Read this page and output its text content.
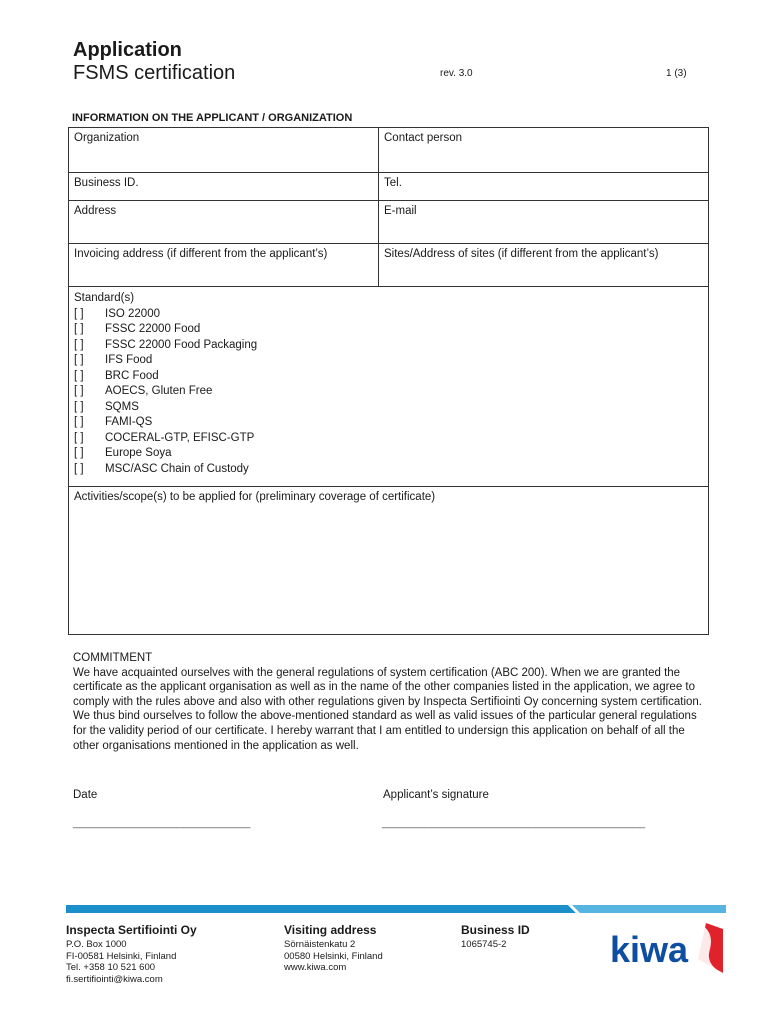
Application
FSMS certification	rev. 3.0	1 (3)
INFORMATION ON THE APPLICANT / ORGANIZATION
Organization	Contact person
Business ID.	Tel.
Address	E-mail
Invoicing address (if different from the applicant’s)	Sites/Address of sites (if different from the applicant’s)
Standard(s)
[ ] ISO 22000
[ ] FSSC 22000 Food
[ ] FSSC 22000 Food Packaging
[ ] IFS Food
[ ] BRC Food
[ ] AOECS, Gluten Free
[ ] SQMS
[ ] FAMI-QS
[ ] COCERAL-GTP, EFISC-GTP
[ ] Europe Soya
[ ] MSC/ASC Chain of Custody
Activities/scope(s) to be applied for (preliminary coverage of certificate)
COMMITMENT
We have acquainted ourselves with the general regulations of system certification (ABC 200). When we are granted the certificate as the applicant organisation as well as in the name of the other companies listed in the application, we agree to comply with the rules above and also with other regulations given by Inspecta Sertifiointi Oy concerning system certification.
We thus bind ourselves to follow the above-mentioned standard as well as valid issues of the particular general regulations for the validity period of our certificate. I hereby warrant that I am entitled to undersign this application on behalf of all the other organisations mentioned in the application as well.
Date	Applicant’s signature
_____________________________	___________________________________________
Inspecta Sertifiointi Oy
P.O. Box 1000
FI-00581 Helsinki, Finland
Tel. +358 10 521 600
fi.sertifiointi@kiwa.com
Visiting address
Sörnäistenkatu 2
00580 Helsinki, Finland
www.kiwa.com
Business ID
1065745-2	kiwa
